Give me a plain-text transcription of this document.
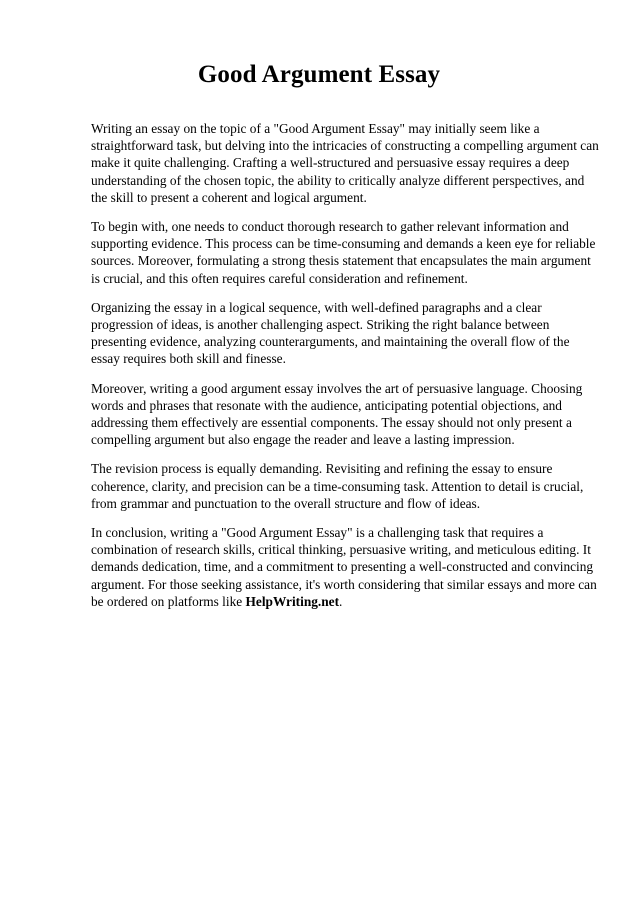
Good Argument Essay

Writing an essay on the topic of a "Good Argument Essay" may initially seem like a straightforward task, but delving into the intricacies of constructing a compelling argument can make it quite challenging. Crafting a well-structured and persuasive essay requires a deep understanding of the chosen topic, the ability to critically analyze different perspectives, and the skill to present a coherent and logical argument.

To begin with, one needs to conduct thorough research to gather relevant information and supporting evidence. This process can be time-consuming and demands a keen eye for reliable sources. Moreover, formulating a strong thesis statement that encapsulates the main argument is crucial, and this often requires careful consideration and refinement.

Organizing the essay in a logical sequence, with well-defined paragraphs and a clear progression of ideas, is another challenging aspect. Striking the right balance between presenting evidence, analyzing counterarguments, and maintaining the overall flow of the essay requires both skill and finesse.

Moreover, writing a good argument essay involves the art of persuasive language. Choosing words and phrases that resonate with the audience, anticipating potential objections, and addressing them effectively are essential components. The essay should not only present a compelling argument but also engage the reader and leave a lasting impression.

The revision process is equally demanding. Revisiting and refining the essay to ensure coherence, clarity, and precision can be a time-consuming task. Attention to detail is crucial, from grammar and punctuation to the overall structure and flow of ideas.

In conclusion, writing a "Good Argument Essay" is a challenging task that requires a combination of research skills, critical thinking, persuasive writing, and meticulous editing. It demands dedication, time, and a commitment to presenting a well-constructed and convincing argument. For those seeking assistance, it's worth considering that similar essays and more can be ordered on platforms like HelpWriting.net.
